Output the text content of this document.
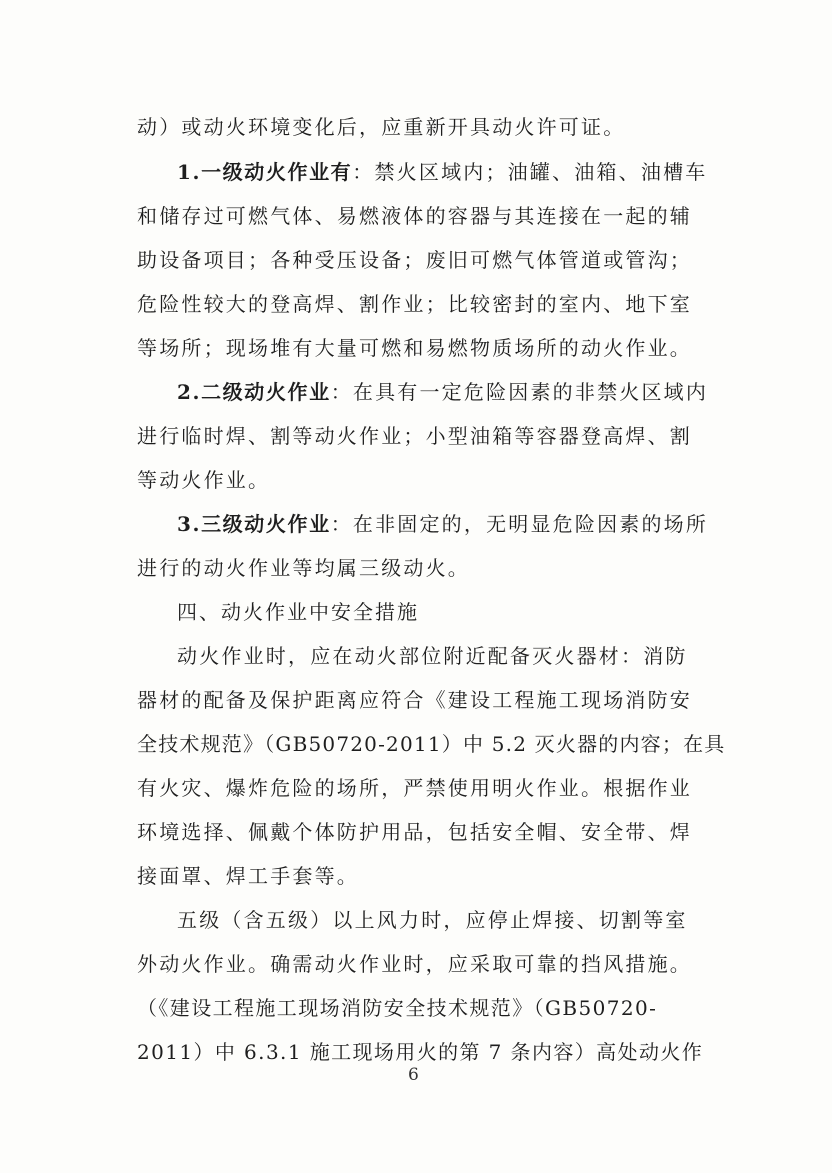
动）或动火环境变化后，应重新开具动火许可证。
1.一级动火作业有：禁火区域内；油罐、油箱、油槽车
和储存过可燃气体、易燃液体的容器与其连接在一起的辅
助设备项目；各种受压设备；废旧可燃气体管道或管沟；
危险性较大的登高焊、割作业；比较密封的室内、地下室
等场所；现场堆有大量可燃和易燃物质场所的动火作业。
2.二级动火作业：在具有一定危险因素的非禁火区域内
进行临时焊、割等动火作业；小型油箱等容器登高焊、割
等动火作业。
3.三级动火作业：在非固定的，无明显危险因素的场所
进行的动火作业等均属三级动火。
四、动火作业中安全措施
动火作业时，应在动火部位附近配备灭火器材：消防
器材的配备及保护距离应符合《建设工程施工现场消防安
全技术规范》（GB50720-2011）中 5.2 灭火器的内容；在具
有火灾、爆炸危险的场所，严禁使用明火作业。根据作业
环境选择、佩戴个体防护用品，包括安全帽、安全带、焊
接面罩、焊工手套等。
五级（含五级）以上风力时，应停止焊接、切割等室
外动火作业。确需动火作业时，应采取可靠的挡风措施。
（《建设工程施工现场消防安全技术规范》（GB50720-
2011）中 6.3.1 施工现场用火的第 7 条内容）高处动火作
6
